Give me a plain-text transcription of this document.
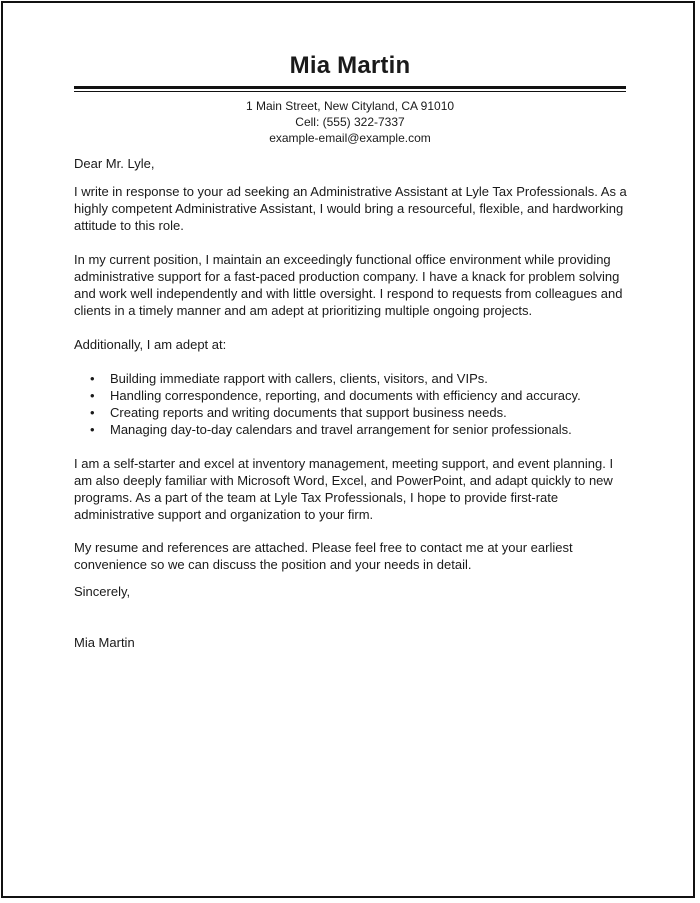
Mia Martin
1 Main Street, New Cityland, CA 91010
Cell: (555) 322-7337
example-email@example.com

Dear Mr. Lyle,

I write in response to your ad seeking an Administrative Assistant at Lyle Tax Professionals. As a highly competent Administrative Assistant, I would bring a resourceful, flexible, and hardworking attitude to this role.

In my current position, I maintain an exceedingly functional office environment while providing administrative support for a fast-paced production company. I have a knack for problem solving and work well independently and with little oversight. I respond to requests from colleagues and clients in a timely manner and am adept at prioritizing multiple ongoing projects.

Additionally, I am adept at:

• Building immediate rapport with callers, clients, visitors, and VIPs.
• Handling correspondence, reporting, and documents with efficiency and accuracy.
• Creating reports and writing documents that support business needs.
• Managing day-to-day calendars and travel arrangement for senior professionals.

I am a self-starter and excel at inventory management, meeting support, and event planning. I am also deeply familiar with Microsoft Word, Excel, and PowerPoint, and adapt quickly to new programs. As a part of the team at Lyle Tax Professionals, I hope to provide first-rate administrative support and organization to your firm.

My resume and references are attached. Please feel free to contact me at your earliest convenience so we can discuss the position and your needs in detail.

Sincerely,

Mia Martin
